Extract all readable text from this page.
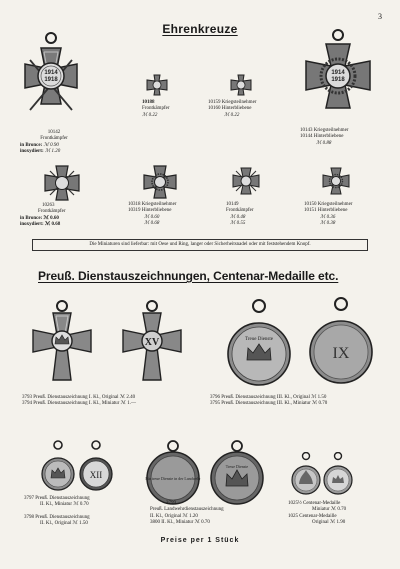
3
Ehrenkreuze
1914
1918
1914
1918
10142
Frontkämpfer
in Bronce: ℳ 0.90
inoxydiert: ℳ 1.20
10188
Frontkämpfer
ℳ 0.22
10159 Kriegsteilnehmer
10160 Hinterbliebene
ℳ 0.22
10143 Kriegsteilnehmer
10144 Hinterbliebene
ℳ 0.88
10263
Frontkämpfer
in Bronce: ℳ 0.60
inoxydiert: ℳ 0.68
10318 Kriegsteilnehmer
10319 Hinterbliebene
ℳ 0.60
ℳ 0.68
10149
Frontkämpfer
ℳ 0.48
ℳ 0.55
10150 Kriegsteilnehmer
10151 Hinterbliebene
ℳ 0.36
ℳ 0.38
Die Miniaturen sind lieferbar: mit Oese und Ring, langer oder Sicherheitsnadel oder mit feststehendem Knopf.
Preuß. Dienstauszeichnungen, Centenar-Medaille etc.
XV	Treue Dienste
IX
XII	Für treue Dienste in der Landwehr
Treue Dienste
3793 Preuß. Dienstauszeichnung I. Kl., Original ℳ 2.40
3794 Preuß. Dienstauszeichnung I. Kl., Miniatur ℳ 1.—
3796 Preuß. Dienstauszeichnung III. Kl., Original ℳ 1.50
3795 Preuß. Dienstauszeichnung III. Kl., Miniatur ℳ 0.70
3797 Preuß. Dienstauszeichnung
II. Kl., Miniatur ℳ 0.70
3798 Preuß. Dienstauszeichnung
II. Kl., Original ℳ 1.50
3799
Preuß. Landwehrdienstauszeichnung
II. Kl., Original ℳ 1.20
3800 II. Kl., Miniatur ℳ 0.70
1025½ Centenar-Medaille
Miniatur ℳ 0.70
1025 Centenar-Medaille
Original ℳ 1.90
Preise per 1 Stück
